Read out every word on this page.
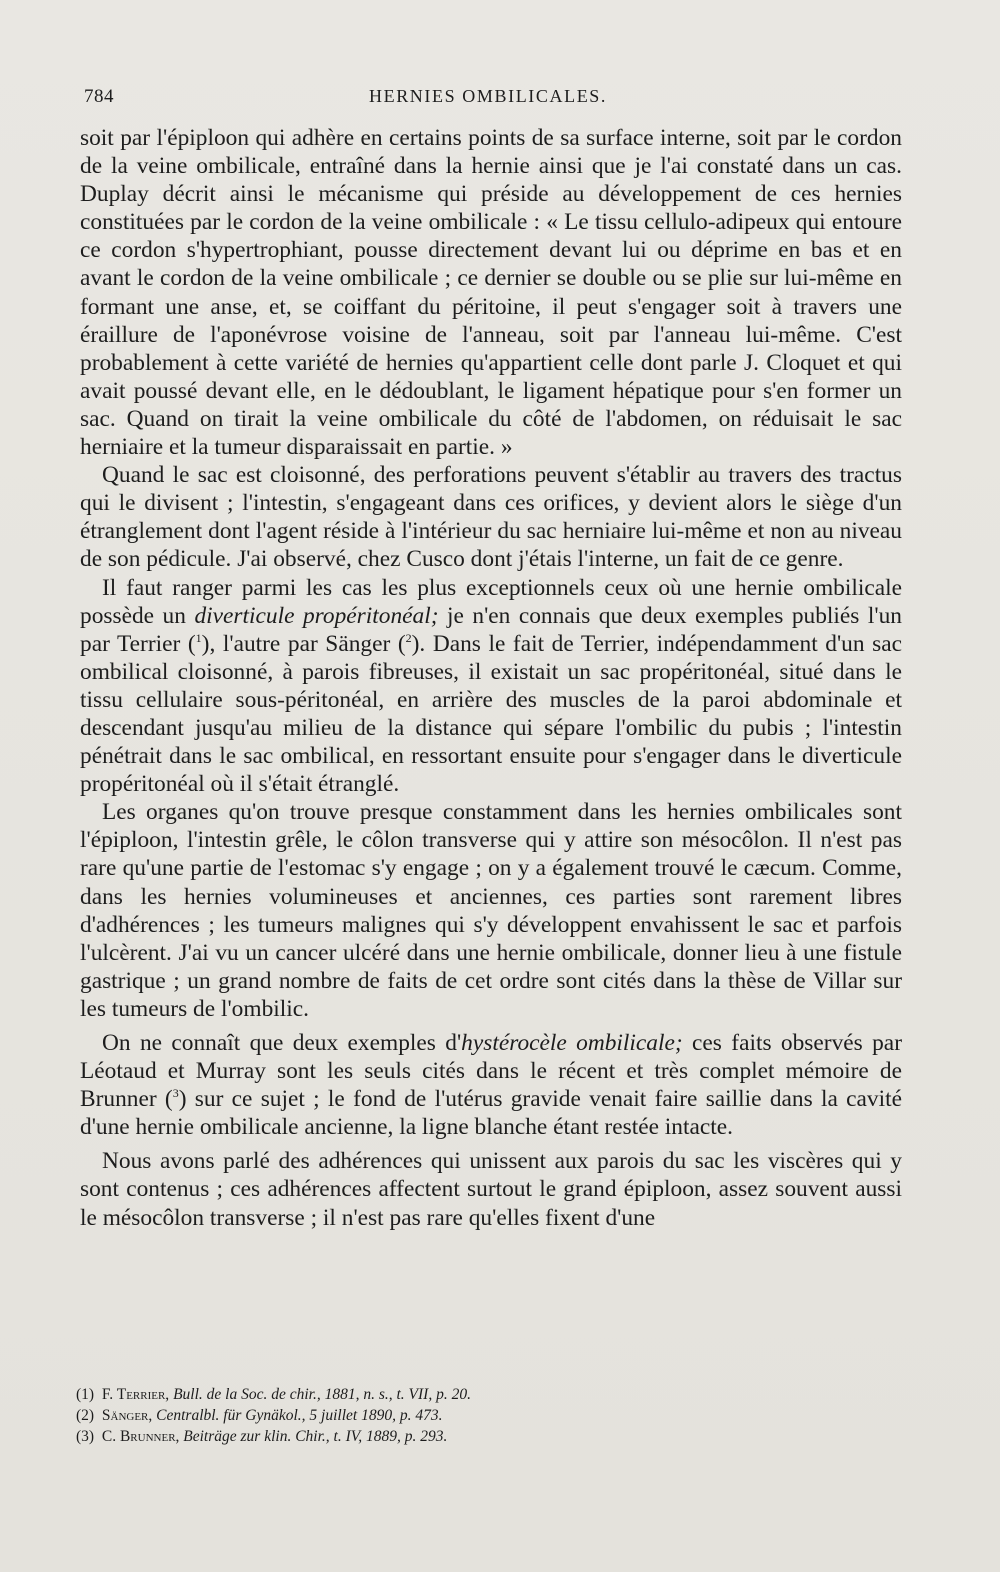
784	HERNIES OMBILICALES.

soit par l'épiploon qui adhère en certains points de sa surface interne, soit par le cordon de la veine ombilicale, entraîné dans la hernie ainsi que je l'ai constaté dans un cas. Duplay décrit ainsi le mécanisme qui préside au développement de ces hernies constituées par le cordon de la veine ombilicale : « Le tissu cellulo-adipeux qui entoure ce cordon s'hypertrophiant, pousse directement devant lui ou déprime en bas et en avant le cordon de la veine ombilicale ; ce dernier se double ou se plie sur lui-même en formant une anse, et, se coiffant du péritoine, il peut s'engager soit à travers une éraillure de l'aponévrose voisine de l'anneau, soit par l'anneau lui-même. C'est probablement à cette variété de hernies qu'appartient celle dont parle J. Cloquet et qui avait poussé devant elle, en le dédoublant, le ligament hépatique pour s'en former un sac. Quand on tirait la veine ombilicale du côté de l'abdomen, on réduisait le sac herniaire et la tumeur disparaissait en partie. »

Quand le sac est cloisonné, des perforations peuvent s'établir au travers des tractus qui le divisent ; l'intestin, s'engageant dans ces orifices, y devient alors le siège d'un étranglement dont l'agent réside à l'intérieur du sac herniaire lui-même et non au niveau de son pédicule. J'ai observé, chez Cusco dont j'étais l'interne, un fait de ce genre.

Il faut ranger parmi les cas les plus exceptionnels ceux où une hernie ombilicale possède un diverticule propéritonéal; je n'en connais que deux exemples publiés l'un par Terrier ($^1$), l'autre par Sänger ($^2$). Dans le fait de Terrier, indépendamment d'un sac ombilical cloisonné, à parois fibreuses, il existait un sac propéritonéal, situé dans le tissu cellulaire sous-péritonéal, en arrière des muscles de la paroi abdominale et descendant jusqu'au milieu de la distance qui sépare l'ombilic du pubis ; l'intestin pénétrait dans le sac ombilical, en ressortant ensuite pour s'engager dans le diverticule propéritonéal où il s'était étranglé.

Les organes qu'on trouve presque constamment dans les hernies ombilicales sont l'épiploon, l'intestin grêle, le côlon transverse qui y attire son mésocôlon. Il n'est pas rare qu'une partie de l'estomac s'y engage ; on y a également trouvé le cæcum. Comme, dans les hernies volumineuses et anciennes, ces parties sont rarement libres d'adhérences ; les tumeurs malignes qui s'y développent envahissent le sac et parfois l'ulcèrent. J'ai vu un cancer ulcéré dans une hernie ombilicale, donner lieu à une fistule gastrique ; un grand nombre de faits de cet ordre sont cités dans la thèse de Villar sur les tumeurs de l'ombilic.

On ne connaît que deux exemples d'hystérocèle ombilicale; ces faits observés par Léotaud et Murray sont les seuls cités dans le récent et très complet mémoire de Brunner ($^3$) sur ce sujet ; le fond de l'utérus gravide venait faire saillie dans la cavité d'une hernie ombilicale ancienne, la ligne blanche étant restée intacte.

Nous avons parlé des adhérences qui unissent aux parois du sac les viscères qui y sont contenus ; ces adhérences affectent surtout le grand épiploon, assez souvent aussi le mésocôlon transverse ; il n'est pas rare qu'elles fixent d'une

(1) F. Terrier, Bull. de la Soc. de chir., 1881, n. s., t. VII, p. 20.
(2) Sänger, Centralbl. für Gynäkol., 5 juillet 1890, p. 473.
(3) C. Brunner, Beiträge zur klin. Chir., t. IV, 1889, p. 293.
